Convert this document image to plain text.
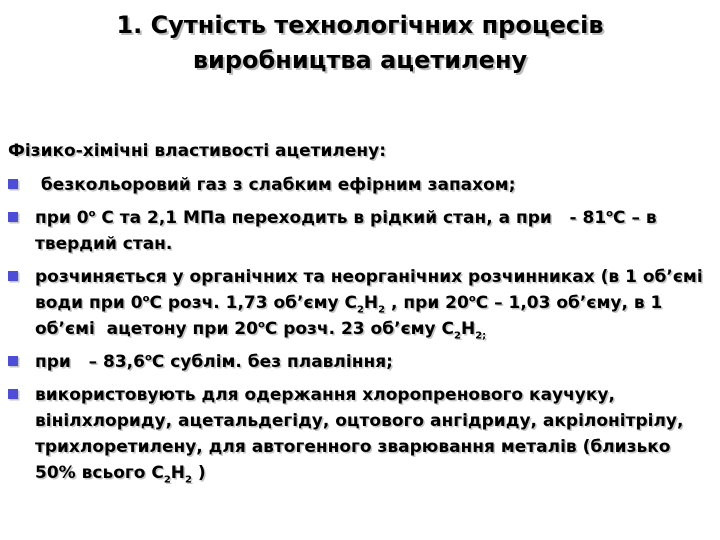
1. Сутність технологічних процесів
виробництва ацетилену
Фізико-хімічні властивості ацетилену:
безкольоровий газ з слабким ефірним запахом;
при 0$^o$ С та 2,1 МПа переходить в рідкий стан, а при   - 81$^o$С – в твердий стан.
розчиняється у органічних та неорганічних розчинниках (в 1 об’ємі води при 0$^o$С розч. 1,73 об’єму $С_2Н_2$ , при 20$^o$С – 1,03 об’єму, в 1 об’ємі  ацетону при 20$^o$С розч. 23 об’єму $С_2Н_{2;}$
при   – 83,6$^o$С сублім. без плавління;
використовують для одержання хлоропренового каучуку, вінілхлориду, ацетальдегіду, оцтового ангідриду, акрілонітрілу, трихлоретилену, для автогенного зварювання металів (близько 50% всього $С_2Н_2$ )
